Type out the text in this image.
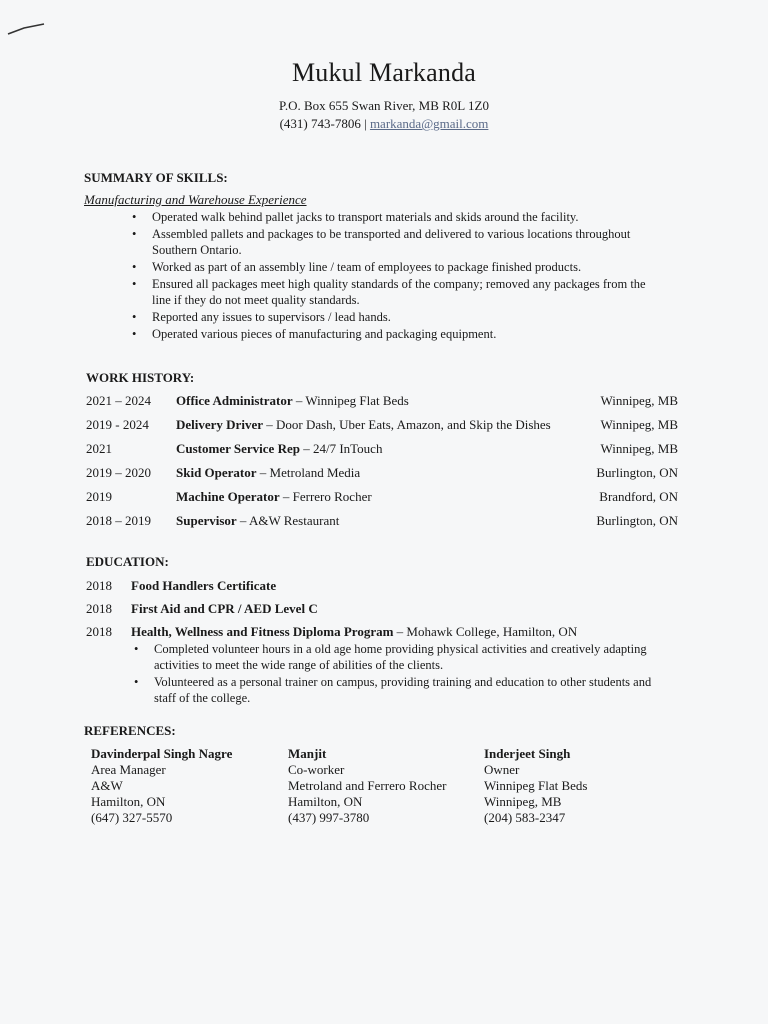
Mukul Markanda
P.O. Box 655 Swan River, MB R0L 1Z0
(431) 743-7806 | markanda@gmail.com
SUMMARY OF SKILLS:
Manufacturing and Warehouse Experience
• Operated walk behind pallet jacks to transport materials and skids around the facility.
• Assembled pallets and packages to be transported and delivered to various locations throughout Southern Ontario.
• Worked as part of an assembly line / team of employees to package finished products.
• Ensured all packages meet high quality standards of the company; removed any packages from the line if they do not meet quality standards.
• Reported any issues to supervisors / lead hands.
• Operated various pieces of manufacturing and packaging equipment.
WORK HISTORY:
2021 – 2024 Office Administrator – Winnipeg Flat Beds	Winnipeg, MB
2019 - 2024 Delivery Driver – Door Dash, Uber Eats, Amazon, and Skip the Dishes	Winnipeg, MB
2021	Customer Service Rep – 24/7 InTouch	Winnipeg, MB
2019 – 2020 Skid Operator – Metroland Media	Burlington, ON
2019	Machine Operator – Ferrero Rocher	Brandford, ON
2018 – 2019 Supervisor – A&W Restaurant	Burlington, ON
EDUCATION:
2018 Food Handlers Certificate
2018 First Aid and CPR / AED Level C
2018 Health, Wellness and Fitness Diploma Program – Mohawk College, Hamilton, ON
• Completed volunteer hours in a old age home providing physical activities and creatively adapting activities to meet the wide range of abilities of the clients.
• Volunteered as a personal trainer on campus, providing training and education to other students and staff of the college.
REFERENCES:
Davinderpal Singh Nagre
Area Manager
A&W
Hamilton, ON
(647) 327-5570
Manjit
Co-worker
Metroland and Ferrero Rocher
Hamilton, ON
(437) 997-3780
Inderjeet Singh
Owner
Winnipeg Flat Beds
Winnipeg, MB
(204) 583-2347
